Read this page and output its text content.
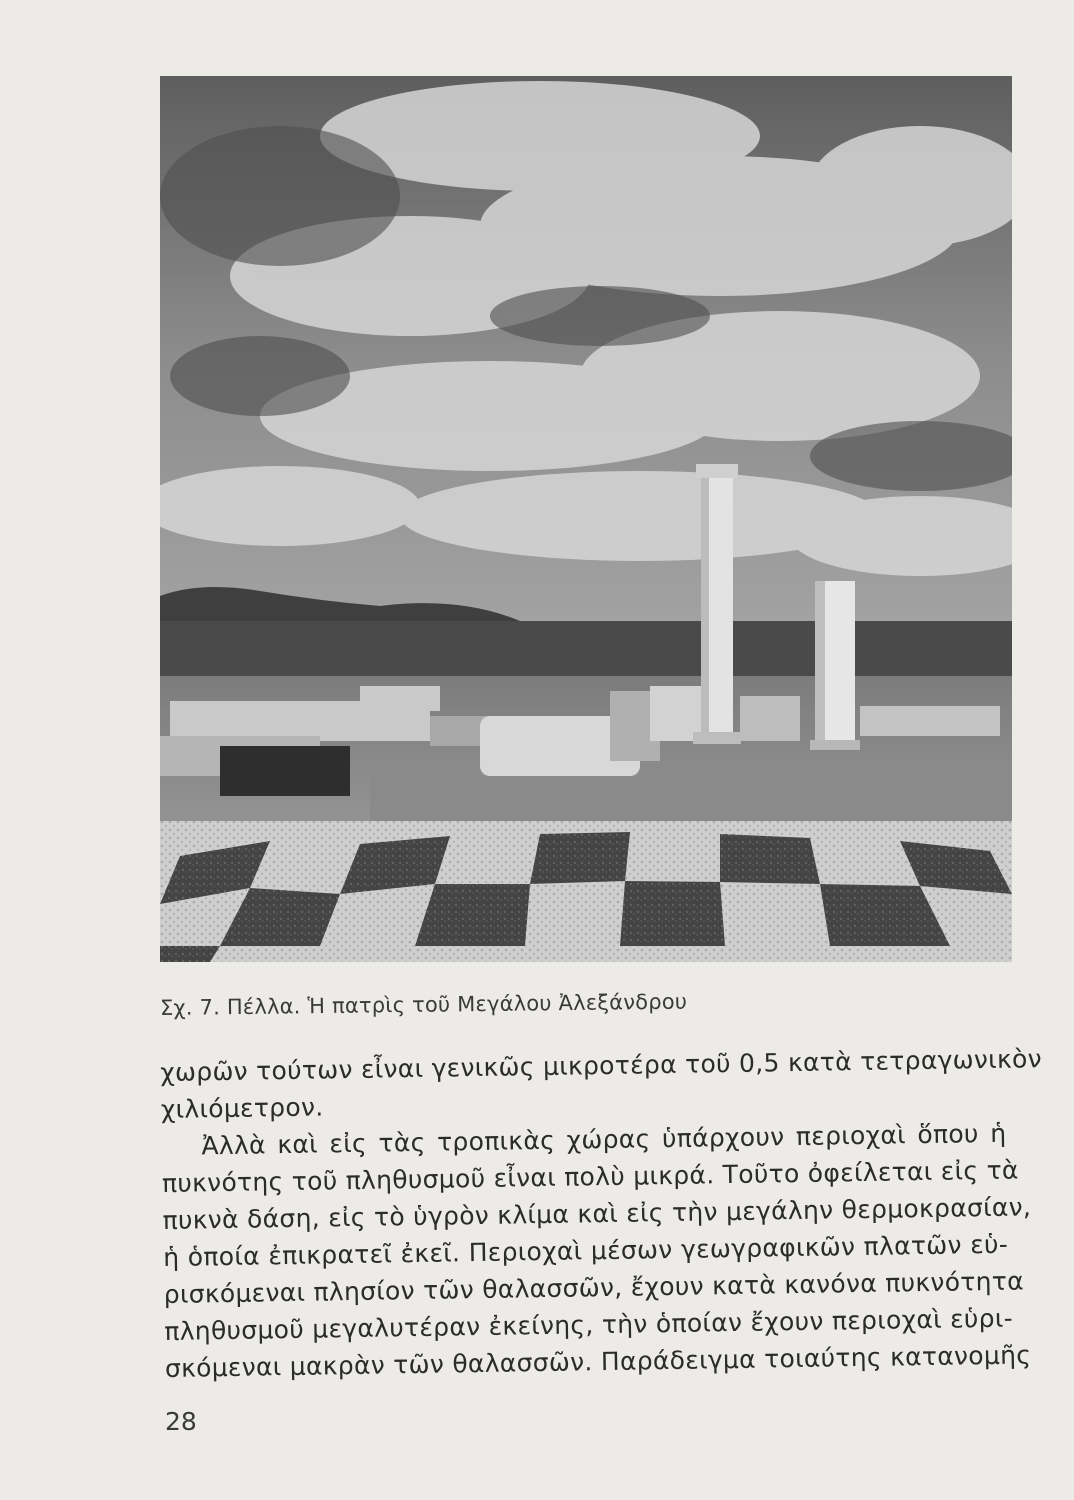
Σχ. 7. Πέλλα. Ἡ πατρὶς τοῦ Μεγάλου Ἀλεξάνδρου
χωρῶν τούτων εἶναι γενικῶς μικροτέρα τοῦ 0,5 κατὰ τετραγωνικὸν
χιλιόμετρον.
Ἀλλὰ καὶ εἰς τὰς τροπικὰς χώρας ὑπάρχουν περιοχαὶ ὅπου ἡ
πυκνότης τοῦ πληθυσμοῦ εἶναι πολὺ μικρά. Τοῦτο ὀφείλεται εἰς τὰ
πυκνὰ δάση, εἰς τὸ ὑγρὸν κλίμα καὶ εἰς τὴν μεγάλην θερμοκρασίαν,
ἡ ὁποία ἐπικρατεῖ ἐκεῖ. Περιοχαὶ μέσων γεωγραφικῶν πλατῶν εὑ-
ρισκόμεναι πλησίον τῶν θαλασσῶν, ἔχουν κατὰ κανόνα πυκνότητα
πληθυσμοῦ μεγαλυτέραν ἐκείνης, τὴν ὁποίαν ἔχουν περιοχαὶ εὑρι-
σκόμεναι μακρὰν τῶν θαλασσῶν. Παράδειγμα τοιαύτης κατανομῆς
28
